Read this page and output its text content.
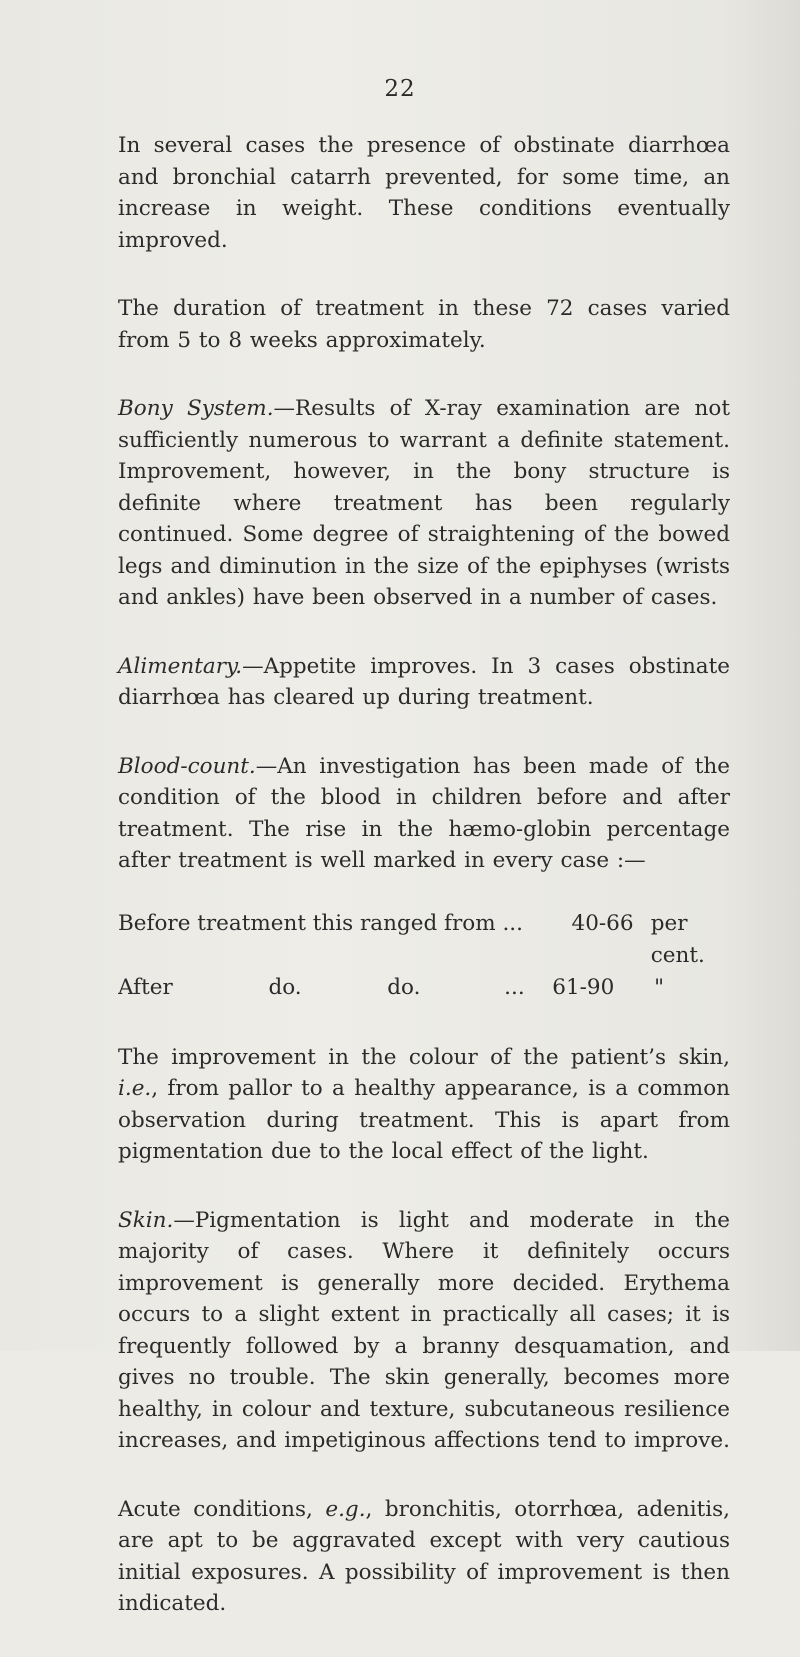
22

In several cases the presence of obstinate diarrhœa and bronchial catarrh prevented, for some time, an increase in weight. These conditions eventually improved.

The duration of treatment in these 72 cases varied from 5 to 8 weeks approximately.

Bony System.—Results of X-ray examination are not sufficiently numerous to warrant a definite statement. Improvement, however, in the bony structure is definite where treatment has been regularly continued. Some degree of straightening of the bowed legs and diminution in the size of the epiphyses (wrists and ankles) have been observed in a number of cases.

Alimentary.—Appetite improves. In 3 cases obstinate diarrhœa has cleared up during treatment.

Blood-count.—An investigation has been made of the condition of the blood in children before and after treatment. The rise in the hæmo-globin percentage after treatment is well marked in every case :—

Before treatment this ranged from ...	40-66 per cent.
After	do.	do.	...	61-90	"

The improvement in the colour of the patient’s skin, i.e., from pallor to a healthy appearance, is a common observation during treatment. This is apart from pigmentation due to the local effect of the light.

Skin.—Pigmentation is light and moderate in the majority of cases. Where it definitely occurs improvement is generally more decided. Erythema occurs to a slight extent in practically all cases; it is frequently followed by a branny desquamation, and gives no trouble. The skin generally, becomes more healthy, in colour and texture, subcutaneous resilience increases, and impetiginous affections tend to improve.

Acute conditions, e.g., bronchitis, otorrhœa, adenitis, are apt to be aggravated except with very cautious initial exposures. A possibility of improvement is then indicated.
